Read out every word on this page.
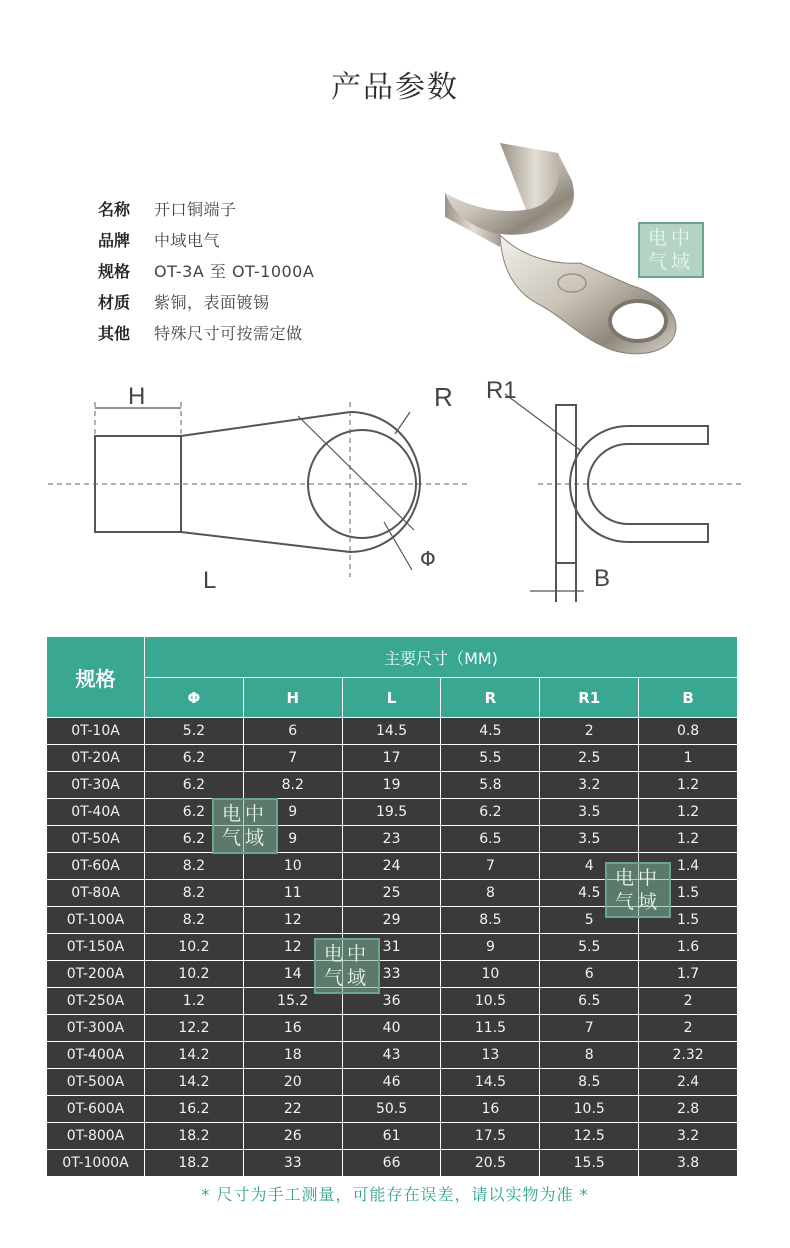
产品参数
名称	开口铜端子
品牌	中域电气
规格	OT-3A 至 OT-1000A
材质	紫铜，表面镀锡
其他	特殊尺寸可按需定做
电中
气域
H	R
Φ
L
R1
B
规格	主要尺寸（MM)					
	Φ	H	L	R	R1	B
0T-10A	5.2	6	14.5	4.5	2	0.8
0T-20A	6.2	7	17	5.5	2.5	1
0T-30A	6.2	8.2	19	5.8	3.2	1.2
0T-40A	6.2	9	19.5	6.2	3.5	1.2
0T-50A	6.2	9	23	6.5	3.5	1.2
0T-60A	8.2	10	24	7	4	1.4
0T-80A	8.2	11	25	8	4.5	1.5
0T-100A	8.2	12	29	8.5	5	1.5
0T-150A	10.2	12	31	9	5.5	1.6
0T-200A	10.2	14	33	10	6	1.7
0T-250A	1.2	15.2	36	10.5	6.5	2
0T-300A	12.2	16	40	11.5	7	2
0T-400A	14.2	18	43	13	8	2.32
0T-500A	14.2	20	46	14.5	8.5	2.4
0T-600A	16.2	22	50.5	16	10.5	2.8
0T-800A	18.2	26	61	17.5	12.5	3.2
0T-1000A	18.2	33	66	20.5	15.5	3.8
电中
气域
电中
气域
电中
气域
* 尺寸为手工测量，可能存在误差，请以实物为准 *
